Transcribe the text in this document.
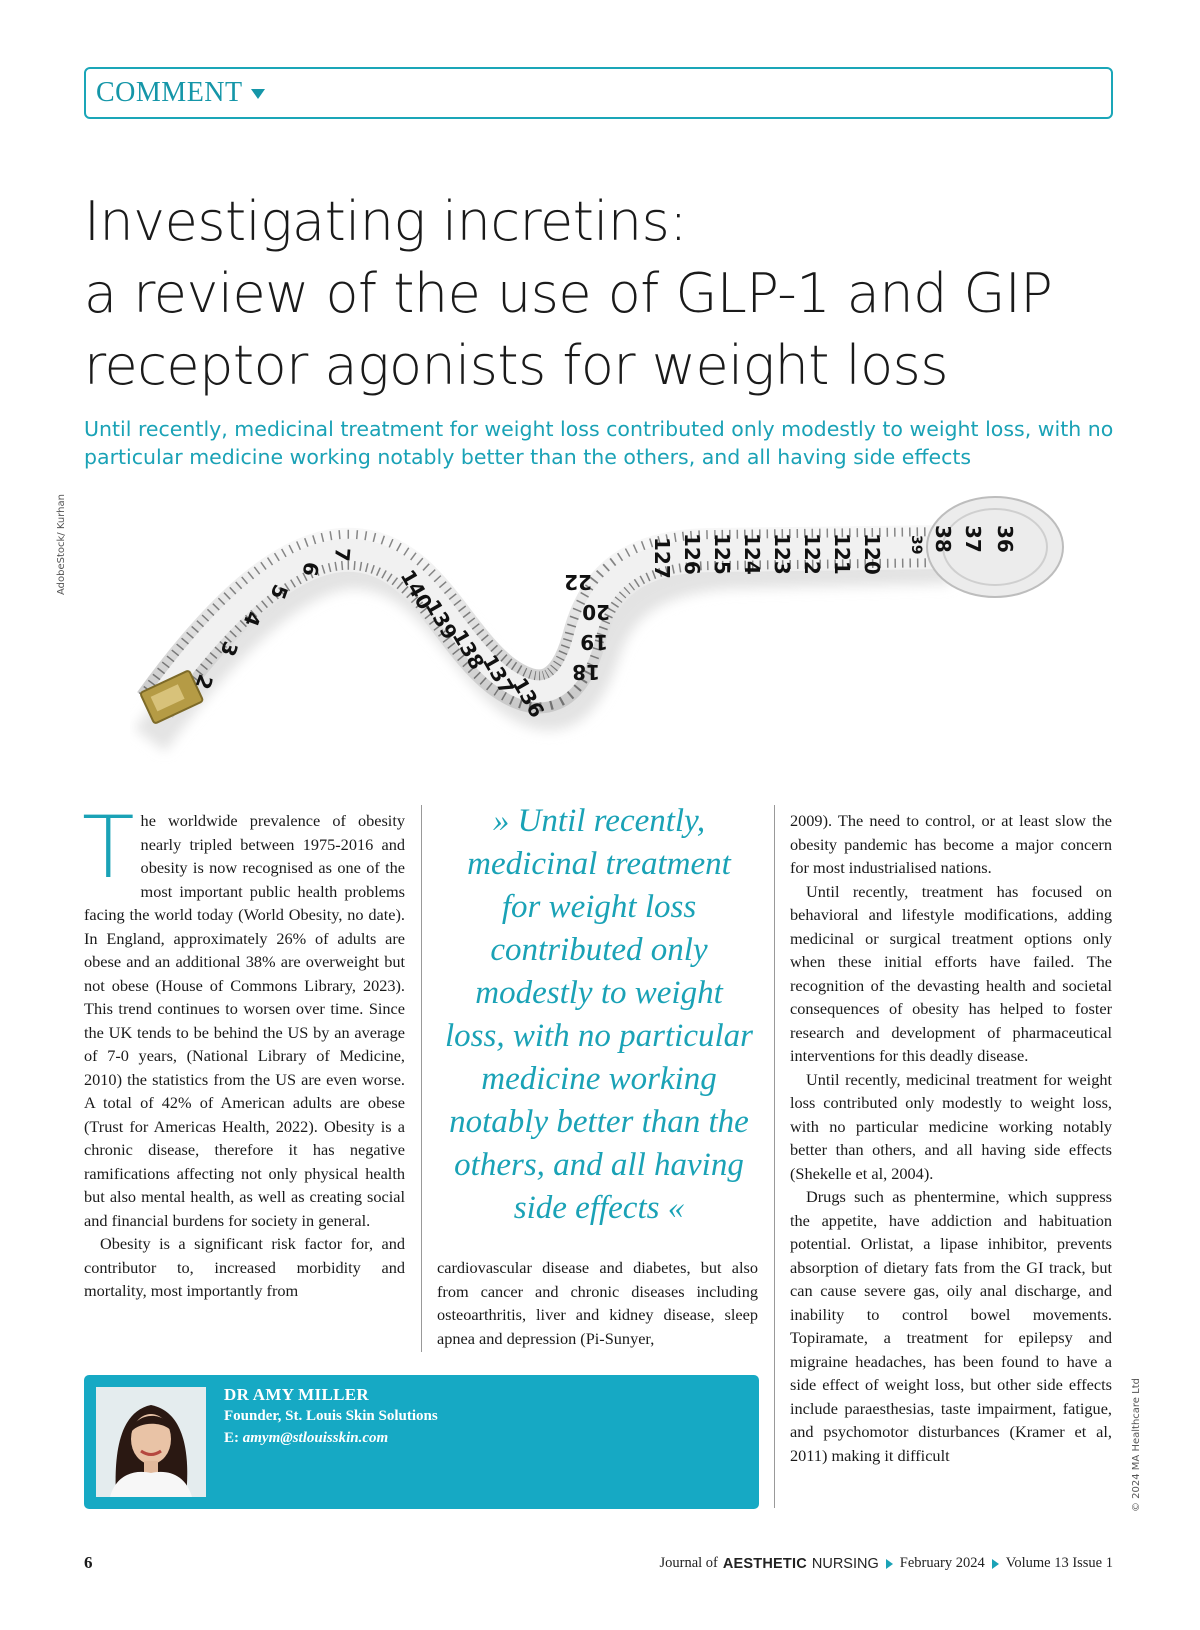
COMMENT
Investigating incretins:
a review of the use of GLP-1 and GIP
receptor agonists for weight loss

Until recently, medicinal treatment for weight loss contributed only modestly to weight loss, with no particular medicine working notably better than the others, and all having side effects

AdobeStock/ Kurhan
© 2024 MA Healthcare Ltd
2
3
4
5
6
7
140
139
138
137
136
22
20
19
18
127 126 125 124 123 122 121 120 39 38 37 36
T he worldwide prevalence of obesity nearly tripled between 1975-2016 and obesity is now recognised as one of the most important public health problems facing the world today (World Obesity, no date). In England, approximately 26% of adults are obese and an additional 38% are overweight but not obese (House of Commons Library, 2023). This trend continues to worsen over time. Since the UK tends to be behind the US by an average of 7-0 years, (National Library of Medicine, 2010) the statistics from the US are even worse. A total of 42% of American adults are obese (Trust for Americas Health, 2022). Obesity is a chronic disease, therefore it has negative ramifications affecting not only physical health but also mental health, as well as creating social and financial burdens for society in general.

Obesity is a significant risk factor for, and contributor to, increased morbidity and mortality, most importantly from

» Until recently,
medicinal treatment
for weight loss
contributed only
modestly to weight
loss, with no particular
medicine working
notably better than the
others, and all having
side effects «

cardiovascular disease and diabetes, but also from cancer and chronic diseases including osteoarthritis, liver and kidney disease, sleep apnea and depression (Pi-Sunyer,

2009). The need to control, or at least slow the obesity pandemic has become a major concern for most industrialised nations.

Until recently, treatment has focused on behavioral and lifestyle modifications, adding medicinal or surgical treatment options only when these initial efforts have failed. The recognition of the devasting health and societal consequences of obesity has helped to foster research and development of pharmaceutical interventions for this deadly disease.

Until recently, medicinal treatment for weight loss contributed only modestly to weight loss, with no particular medicine working notably better than others, and all having side effects (Shekelle et al, 2004).

Drugs such as phentermine, which suppress the appetite, have addiction and habituation potential. Orlistat, a lipase inhibitor, prevents absorption of dietary fats from the GI track, but can cause severe gas, oily anal discharge, and inability to control bowel movements. Topiramate, a treatment for epilepsy and migraine headaches, has been found to have a side effect of weight loss, but other side effects include paraesthesias, taste impairment, fatigue, and psychomotor disturbances (Kramer et al, 2011) making it difficult

DR AMY MILLER
Founder, St. Louis Skin Solutions
E: amym@stlouisskin.com
6	Journal of AESTHETIC NURSING February 2024 Volume 13 Issue 1
